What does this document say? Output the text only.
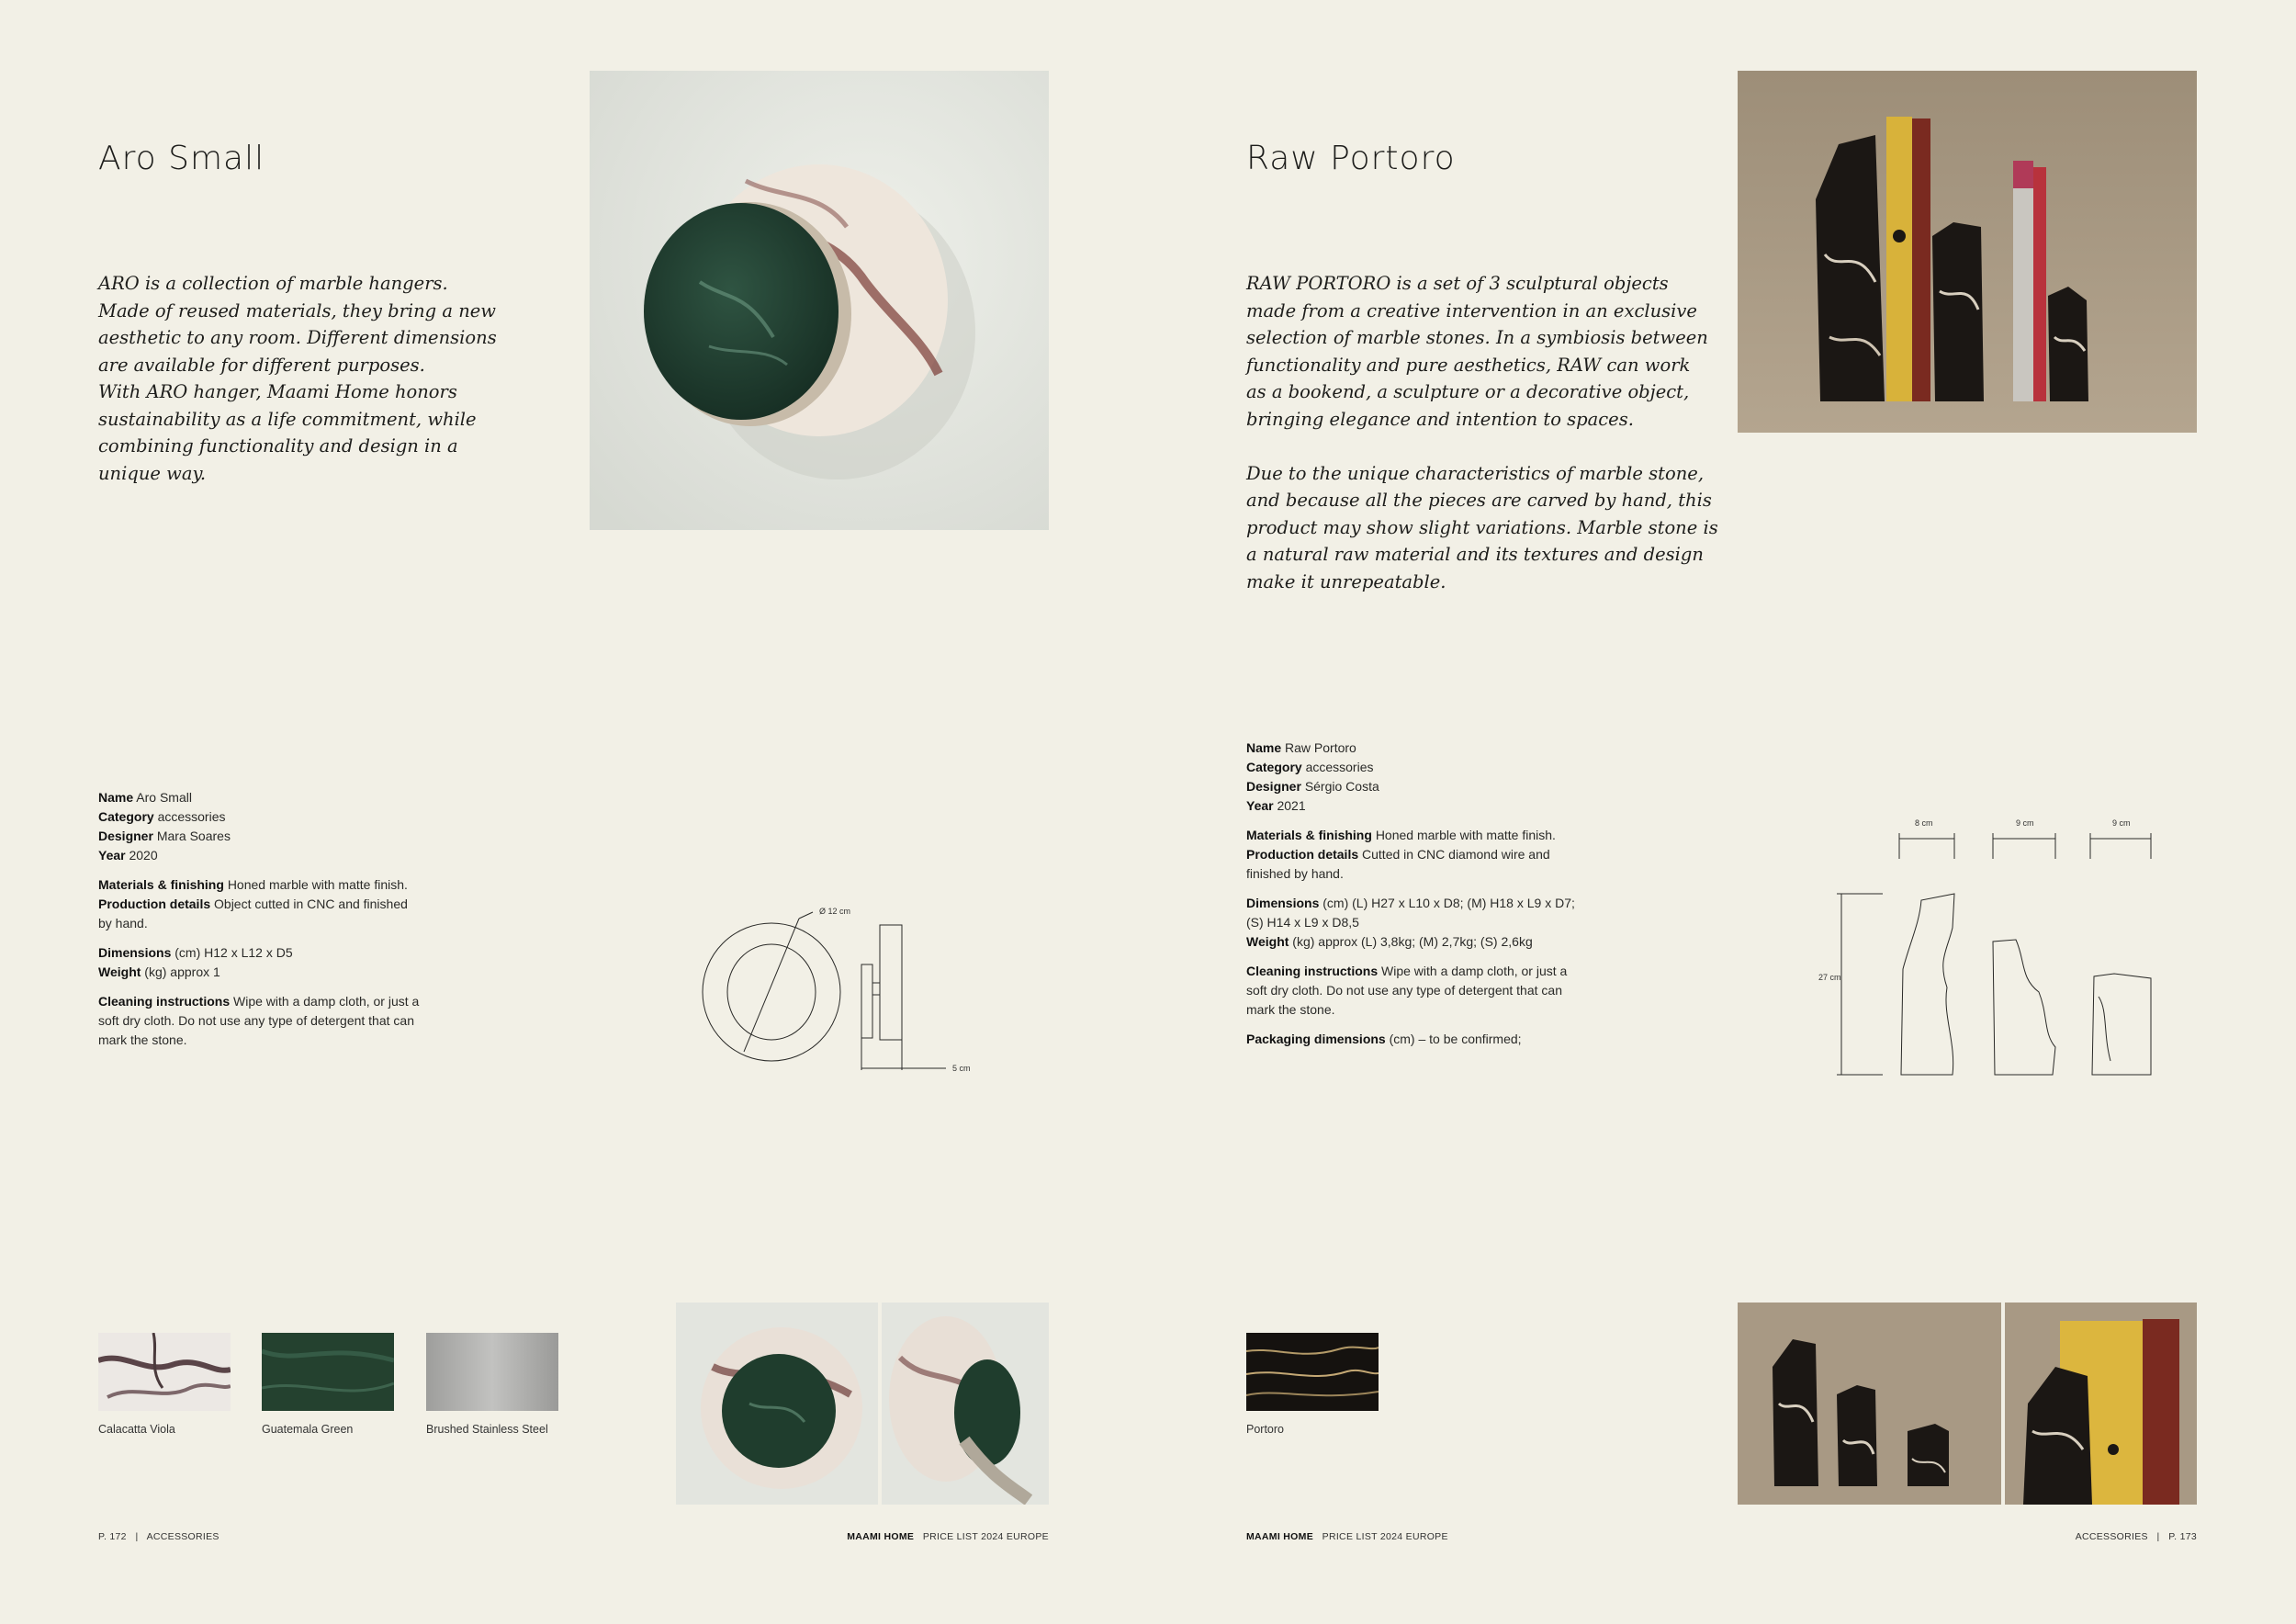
Aro Small

ARO is a collection of marble hangers.

Made of reused materials, they bring a new

aesthetic to any room. Different dimensions

are available for different purposes.

With ARO hanger, Maami Home honors

sustainability as a life commitment, while

combining functionality and design in a

unique way.

Name Aro Small
Category accessories
Designer Mara Soares
Year 2020
Materials & finishing Honed marble with matte finish.
Production details Object cutted in CNC and finished
by hand.
Dimensions (cm) H12 x L12 x D5
Weight (kg) approx 1
Cleaning instructions Wipe with a damp cloth, or just a
soft dry cloth. Do not use any type of detergent that can
mark the stone.
Ø 12 cm
5 cm
Calacatta Viola	Guatemala Green	Brushed Stainless Steel
P. 172 | ACCESSORIES	MAAMI HOME PRICE LIST 2024 EUROPE
Raw Portoro

RAW PORTORO is a set of 3 sculptural objects

made from a creative intervention in an exclusive

selection of marble stones. In a symbiosis between

functionality and pure aesthetics, RAW can work

as a bookend, a sculpture or a decorative object,

bringing elegance and intention to spaces.

Due to the unique characteristics of marble stone,

and because all the pieces are carved by hand, this

product may show slight variations. Marble stone is

a natural raw material and its textures and design

make it unrepeatable.

Name Raw Portoro
Category accessories
Designer Sérgio Costa
Year 2021
Materials & finishing Honed marble with matte finish.
Production details Cutted in CNC diamond wire and
finished by hand.
Dimensions (cm) (L) H27 x L10 x D8; (M) H18 x L9 x D7;
(S) H14 x L9 x D8,5
Weight (kg) approx (L) 3,8kg; (M) 2,7kg; (S) 2,6kg
Cleaning instructions Wipe with a damp cloth, or just a
soft dry cloth. Do not use any type of detergent that can
mark the stone.
Packaging dimensions (cm) – to be confirmed;
8 cm	9 cm	9 cm
27 cm
Portoro
MAAMI HOME PRICE LIST 2024 EUROPE	ACCESSORIES | P. 173
